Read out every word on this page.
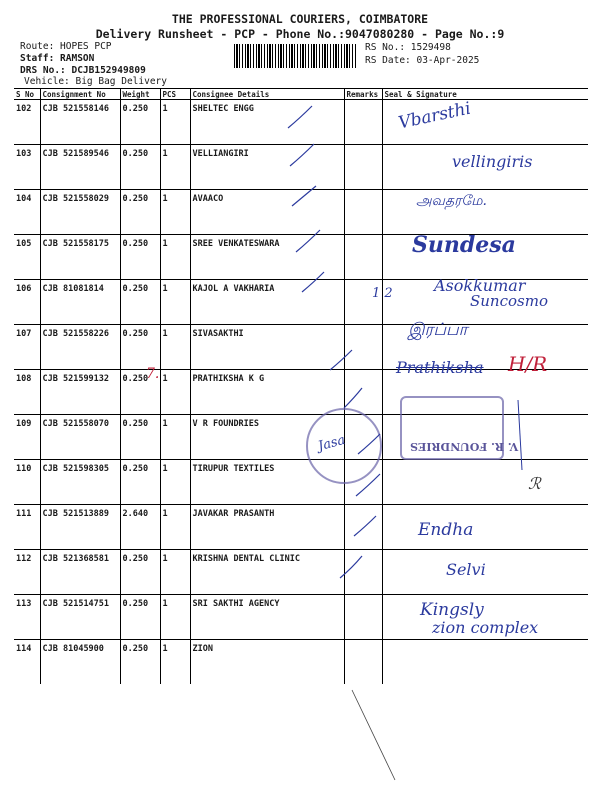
THE PROFESSIONAL COURIERS, COIMBATORE
Delivery Runsheet - PCP - Phone No.:9047080280 - Page No.:9
Route: HOPES PCP
Staff: RAMSON
DRS No.: DCJB152949809
Vehicle: Big Bag Delivery
RS No.: 1529498
RS Date: 03-Apr-2025
S No	Consignment No	Weight	PCS	Consignee Details	Remarks	Seal & Signature
102	CJB 521558146	0.250	1	SHELTEC ENGG		
103	CJB 521589546	0.250	1	VELLIANGIRI		
104	CJB 521558029	0.250	1	AVAACO		
105	CJB 521558175	0.250	1	SREE VENKATESWARA		
106	CJB 81081814	0.250	1	KAJOL A VAKHARIA		
107	CJB 521558226	0.250	1	SIVASAKTHI		
108	CJB 521599132	0.250	1	PRATHIKSHA K G		
109	CJB 521558070	0.250	1	V R FOUNDRIES		
110	CJB 521598305	0.250	1	TIRUPUR TEXTILES		
111	CJB 521513889	2.640	1	JAVAKAR PRASANTH		
112	CJB 521368581	0.250	1	KRISHNA DENTAL CLINIC		
113	CJB 521514751	0.250	1	SRI SAKTHI AGENCY		
114	CJB 81045900	0.250	1	ZION		
V. R. FOUNDRIES
Vbarsthi
vellingiris
அவதரமே.
Sundesa
1 2	Asokkumar
Suncosmo
இரப்பா
Prathiksha H/R
7.
Jasa
ℛ
Endha
Selvi
Kingsly
zion complex
